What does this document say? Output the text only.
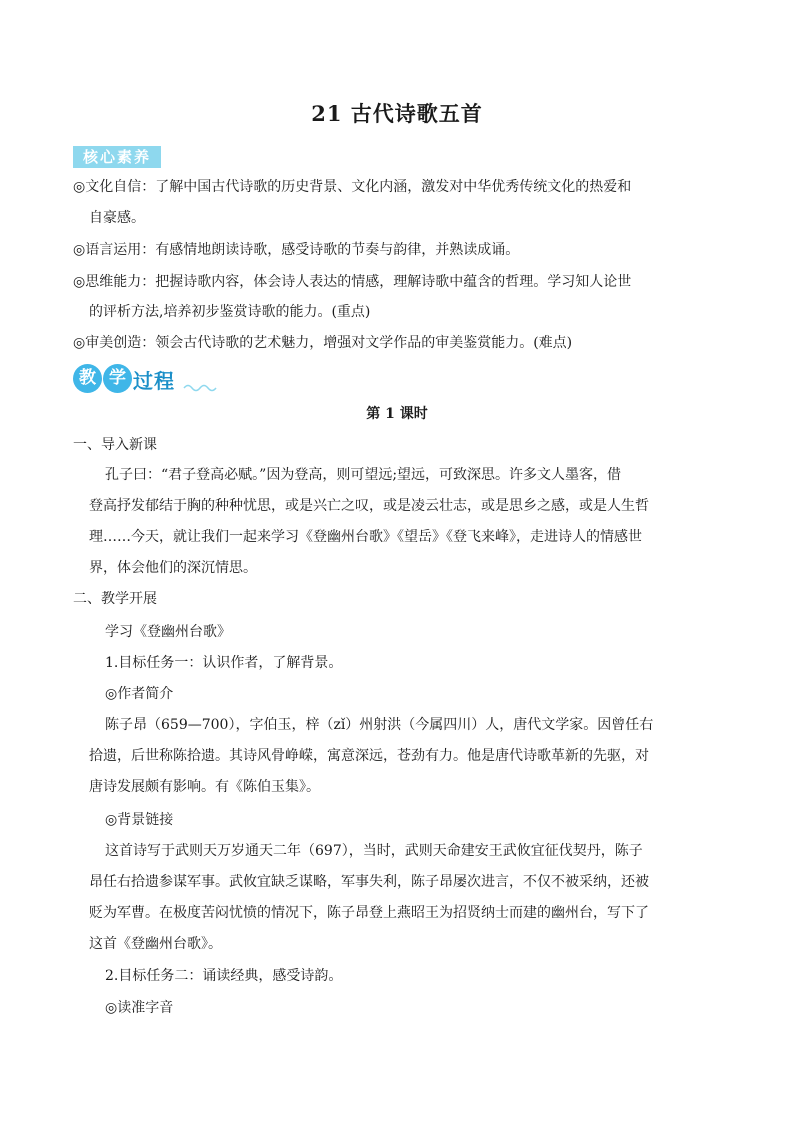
21 古代诗歌五首
核心素养
◎文化自信：了解中国古代诗歌的历史背景、文化内涵，激发对中华优秀传统文化的热爱和
自豪感。
◎语言运用：有感情地朗读诗歌，感受诗歌的节奏与韵律，并熟读成诵。
◎思维能力：把握诗歌内容，体会诗人表达的情感，理解诗歌中蕴含的哲理。学习知人论世
的评析方法,培养初步鉴赏诗歌的能力。(重点)
◎审美创造：领会古代诗歌的艺术魅力，增强对文学作品的审美鉴赏能力。(难点)
教 学 过程
第 1 课时
一、导入新课
孔子曰：“君子登高必赋。”因为登高，则可望远;望远，可致深思。许多文人墨客，借
登高抒发郁结于胸的种种忧思，或是兴亡之叹，或是凌云壮志，或是思乡之感，或是人生哲
理……今天，就让我们一起来学习《登幽州台歌》《望岳》《登飞来峰》，走进诗人的情感世
界，体会他们的深沉情思。
二、教学开展
学习《登幽州台歌》
1.目标任务一：认识作者，了解背景。
◎作者简介
陈子昂（659—700），字伯玉，梓（zǐ）州射洪（今属四川）人，唐代文学家。因曾任右
拾遗，后世称陈拾遗。其诗风骨峥嵘，寓意深远，苍劲有力。他是唐代诗歌革新的先驱，对
唐诗发展颇有影响。有《陈伯玉集》。
◎背景链接
这首诗写于武则天万岁通天二年（697），当时，武则天命建安王武攸宜征伐契丹，陈子
昂任右拾遗参谋军事。武攸宜缺乏谋略，军事失利，陈子昂屡次进言，不仅不被采纳，还被
贬为军曹。在极度苦闷忧愤的情况下，陈子昂登上燕昭王为招贤纳士而建的幽州台，写下了
这首《登幽州台歌》。
2.目标任务二：诵读经典，感受诗韵。
◎读准字音
